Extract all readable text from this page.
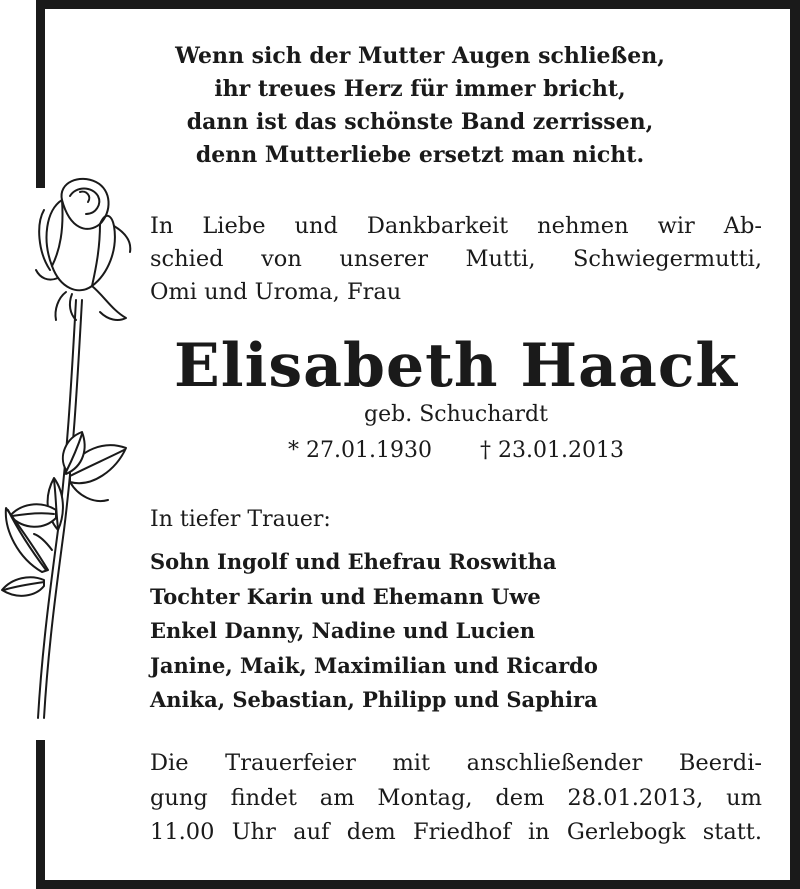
Wenn sich der Mutter Augen schließen,
ihr treues Herz für immer bricht,
dann ist das schönste Band zerrissen,
denn Mutterliebe ersetzt man nicht.
In Liebe und Dankbarkeit nehmen wir Ab-
schied von unserer Mutti, Schwiegermutti,
Omi und Uroma, Frau
Elisabeth Haack
geb. Schuchardt
* 27.01.1930 † 23.01.2013
In tiefer Trauer:
Sohn Ingolf und Ehefrau Roswitha
Tochter Karin und Ehemann Uwe
Enkel Danny, Nadine und Lucien
Janine, Maik, Maximilian und Ricardo
Anika, Sebastian, Philipp und Saphira
Die Trauerfeier mit anschließender Beerdi-
gung findet am Montag, dem 28.01.2013, um
11.00 Uhr auf dem Friedhof in Gerlebogk statt.
